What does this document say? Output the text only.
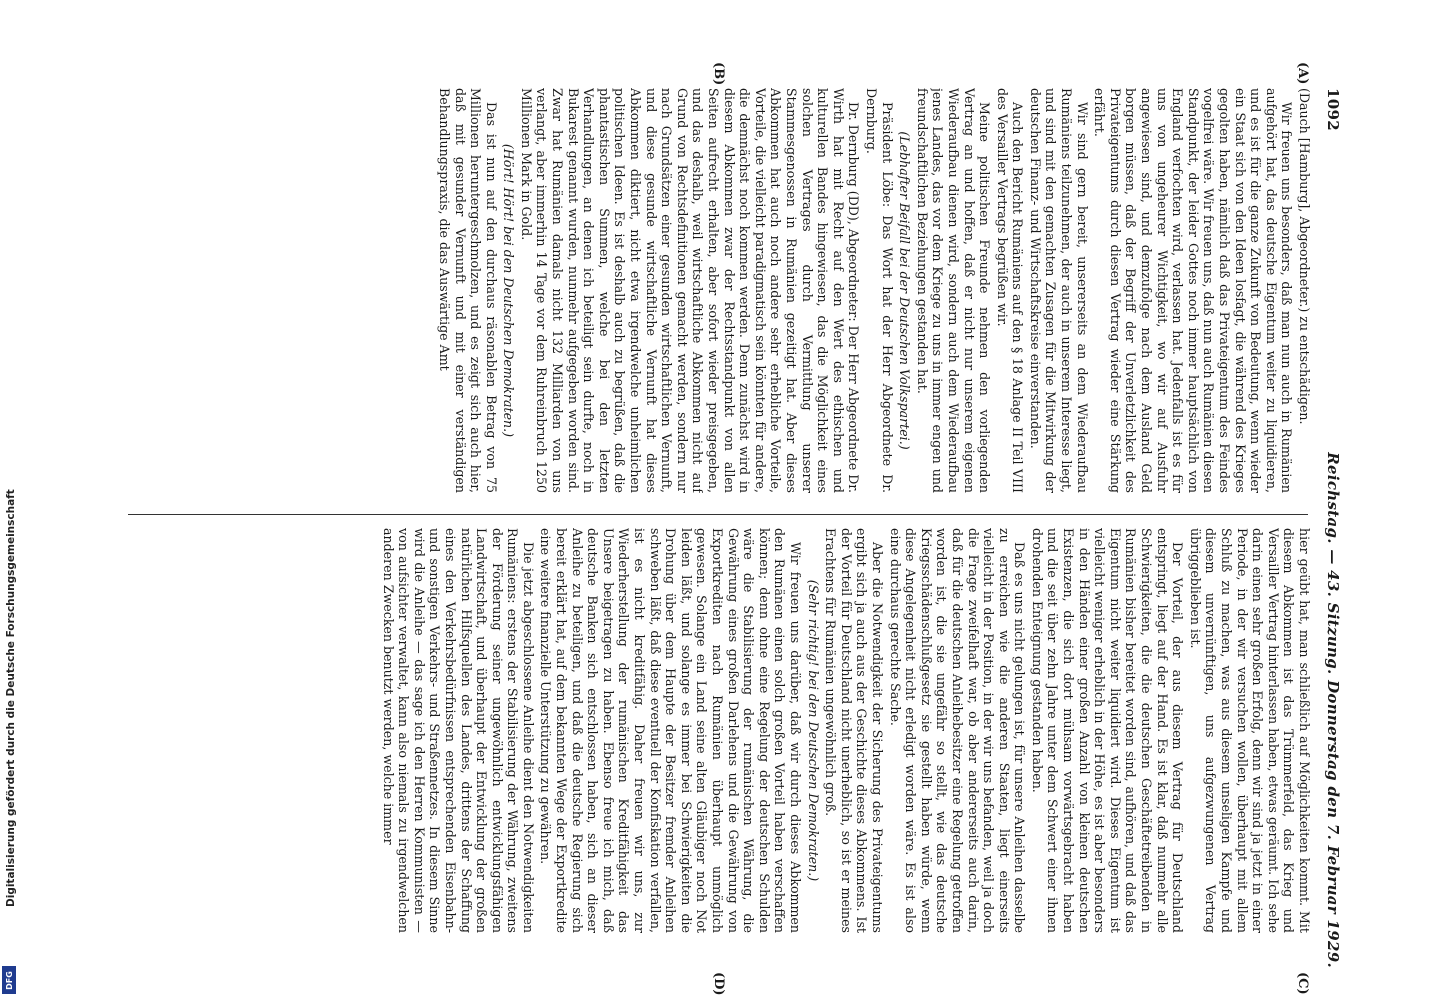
1092
Reichstag. — 43. Sitzung. Donnerstag den 7. Februar 1929.

(Dauch [Hamburg], Abgeordneter.) zu entschädigen.

Wir freuen uns besonders, daß man nun auch in Rumänien aufgehört hat, das deutsche Eigentum weiter zu liquidieren, und es ist für die ganze Zukunft von Bedeutung, wenn wieder ein Staat sich von den Ideen losfagt, die während des Krieges gegolten haben, nämlich daß das Privateigentum des Feindes vogelfrei wäre. Wir freuen uns, daß nun auch Rumänien diesen Standpunkt, der leider Gottes noch immer hauptsächlich von England verfochten wird, verlassen hat. Jedenfalls ist es für uns von ungeheurer Wichtigkeit, wo wir auf Ausfuhr angewiesen sind, und demzufolge nach dem Ausland Geld borgen müssen, daß der Begriff der Unverletzlichkeit des Privateigentums durch diesen Vertrag wieder eine Stärkung erfährt.

Wir sind gern bereit, unsererseits an dem Wiederaufbau Rumäniens teilzunehmen, der auch in unserem Interesse liegt, und sind mit den gemachten Zusagen für die Mitwirkung der deutschen Finanz- und Wirtschaftskreise einverstanden.

Auch den Bericht Rumäniens auf den § 18 Anlage II Teil VIII des Versailler Vertrags begrüßen wir.

Meine politischen Freunde nehmen den vorliegenden Vertrag an und hoffen, daß er nicht nur unserem eigenen Wiederaufbau dienen wird, sondern auch dem Wiederaufbau jenes Landes, das vor dem Kriege zu uns in immer engen und freundschaftlichen Beziehungen gestanden hat.

(Lebhafter Beifall bei der Deutschen Volkspartei.)

Präsident Löbe: Das Wort hat der Herr Abgeordnete Dr. Dernburg.

Dr. Dernburg (DD), Abgeordneter: Der Herr Abgeordnete Dr. Wirth hat mit Recht auf den Wert des ethischen und kulturellen Bandes hingewiesen, das die Möglichkeit eines solchen Vertrages durch Vermittlung unserer Stammesgenossen in Rumänien gezeitigt hat. Aber dieses Abkommen hat auch noch andere sehr erhebliche Vorteile, Vorteile, die vielleicht paradigmatisch sein könnten für andere, die demnächst noch kommen werden. Denn zunächst wird in diesem Abkommen zwar der Rechtsstandpunkt von allen Seiten aufrecht erhalten, aber sofort wieder preisgegeben, und das deshalb, weil wirtschaftliche Abkommen nicht auf Grund von Rechtsdefinitionen gemacht werden, sondern nur nach Grundsätzen einer gesunden wirtschaftlichen Vernunft, und diese gesunde wirtschaftliche Vernunft hat dieses Abkommen diktiert, nicht etwa irgendwelche unheimlichen politischen Ideen. Es ist deshalb auch zu begrüßen, daß die phantastischen Summen, welche bei den letzten Verhandlungen, an denen ich beteiligt sein durfte, noch in Bukarest genannt wurden, nunmehr aufgegeben worden sind. Zwar hat Rumänien damals nicht 132 Milliarden von uns verlangt, aber immerhin 14 Tage vor dem Ruhreinbruch 1250 Millionen Mark in Gold.

(Hört! Hört! bei den Deutschen Demokraten.)

Das ist nun auf den durchaus räsonablen Betrag von 75 Millionen heruntergeschmolzen, und es zeigt sich auch hier, daß mit gesunder Vernunft und mit einer verständigen Behandlungspraxis, die das Auswärtige Amt

hier geübt hat, man schließlich auf Möglichkeiten kommt. Mit diesem Abkommen ist das Trümmerfeld, das Krieg und Versailler Vertrag hinterlassen haben, etwas geräumt. Ich sehe darin einen sehr großen Erfolg, denn wir sind ja jetzt in einer Periode, in der wir versuchen wollen, überhaupt mit allem Schluß zu machen, was aus diesem unseligen Kampfe und diesem unvernünftigen, uns aufgezwungenen Vertrag übriggeblieben ist.

Der Vorteil, der aus diesem Vertrag für Deutschland entspringt, liegt auf der Hand. Es ist klar, daß nunmehr alle Schwierigkeiten, die die deutschen Geschäftetreibenden in Rumänien bisher bereitet worden sind, aufhören, und daß das Eigentum nicht weiter liquidiert wird. Dieses Eigentum ist vielleicht weniger erheblich in der Höhe, es ist aber besonders in den Händen einer großen Anzahl von kleinen deutschen Existenzen, die sich dort mühsam vorwärtsgebracht haben und die seit über zehn Jahre unter dem Schwert einer ihnen drohenden Enteignung gestanden haben.

Daß es uns nicht gelungen ist, für unsere Anleihen dasselbe zu erreichen wie die anderen Staaten, liegt einerseits vielleicht in der Position, in der wir uns befanden, weil ja doch die Frage zweifelhaft war, ob aber andererseits auch darin, daß für die deutschen Anleihebesitzer eine Regelung getroffen worden ist, die sie ungefähr so stellt, wie das deutsche Kriegsschädenschlußgesetz sie gestellt haben würde, wenn diese Angelegenheit nicht erledigt worden wäre. Es ist also eine durchaus gerechte Sache.

Aber die Notwendigkeit der Sicherung des Privateigentums ergibt sich ja auch aus der Geschichte dieses Abkommens. Ist der Vorteil für Deutschland nicht unerheblich, so ist er meines Erachtens für Rumänien ungewöhnlich groß.

(Sehr richtig! bei den Deutschen Demokraten.)

Wir freuen uns darüber, daß wir durch dieses Abkommen den Rumänen einen solch großen Vorteil haben verschaffen können; denn ohne eine Regelung der deutschen Schulden wäre die Stabilisierung der rumänischen Währung, die Gewährung eines großen Darlehens und die Gewährung von Exportkrediten nach Rumänien überhaupt unmöglich gewesen. Solange ein Land seine alten Gläubiger noch Not leiden läßt, und solange es immer bei Schwierigkeiten die Drohung über dem Haupte der Besitzer fremder Anleihen schweben läßt, daß diese eventuell der Konfiskation verfallen, ist es nicht kreditfähig. Daher freuen wir uns, zur Wiederherstellung der rumänischen Kreditfähigkeit das Unsere beigetragen zu haben. Ebenso freue ich mich, daß deutsche Banken sich entschlossen haben, sich an dieser Anleihe zu beteiligen, und daß die deutsche Regierung sich bereit erklärt hat, auf dem bekannten Wege der Exportkredite eine weitere finanzielle Unterstützung zu gewähren.

Die jetzt abgeschlossene Anleihe dient den Notwendigkeiten Rumäniens: erstens der Stabilisierung der Währung, zweitens der Förderung seiner ungewöhnlich entwicklungsfähigen Landwirtschaft, und überhaupt der Entwicklung der großen natürlichen Hilfsquellen des Landes, drittens der Schaffung eines den Verkehrsbedürfnissen entsprechenden Eisenbahn- und sonstigen Verkehrs- und Straßennetzes. In diesem Sinne wird die Anleihe — das sage ich den Herren Kommunisten — von aufsichter verwaltet, kann also niemals zu irgendwelchen anderen Zwecken benutzt werden, welche immer

(A)
(B)
(C)
(D)
Digitalisierung gefördert durch die Deutsche Forschungsgemeinschaft
DFG
